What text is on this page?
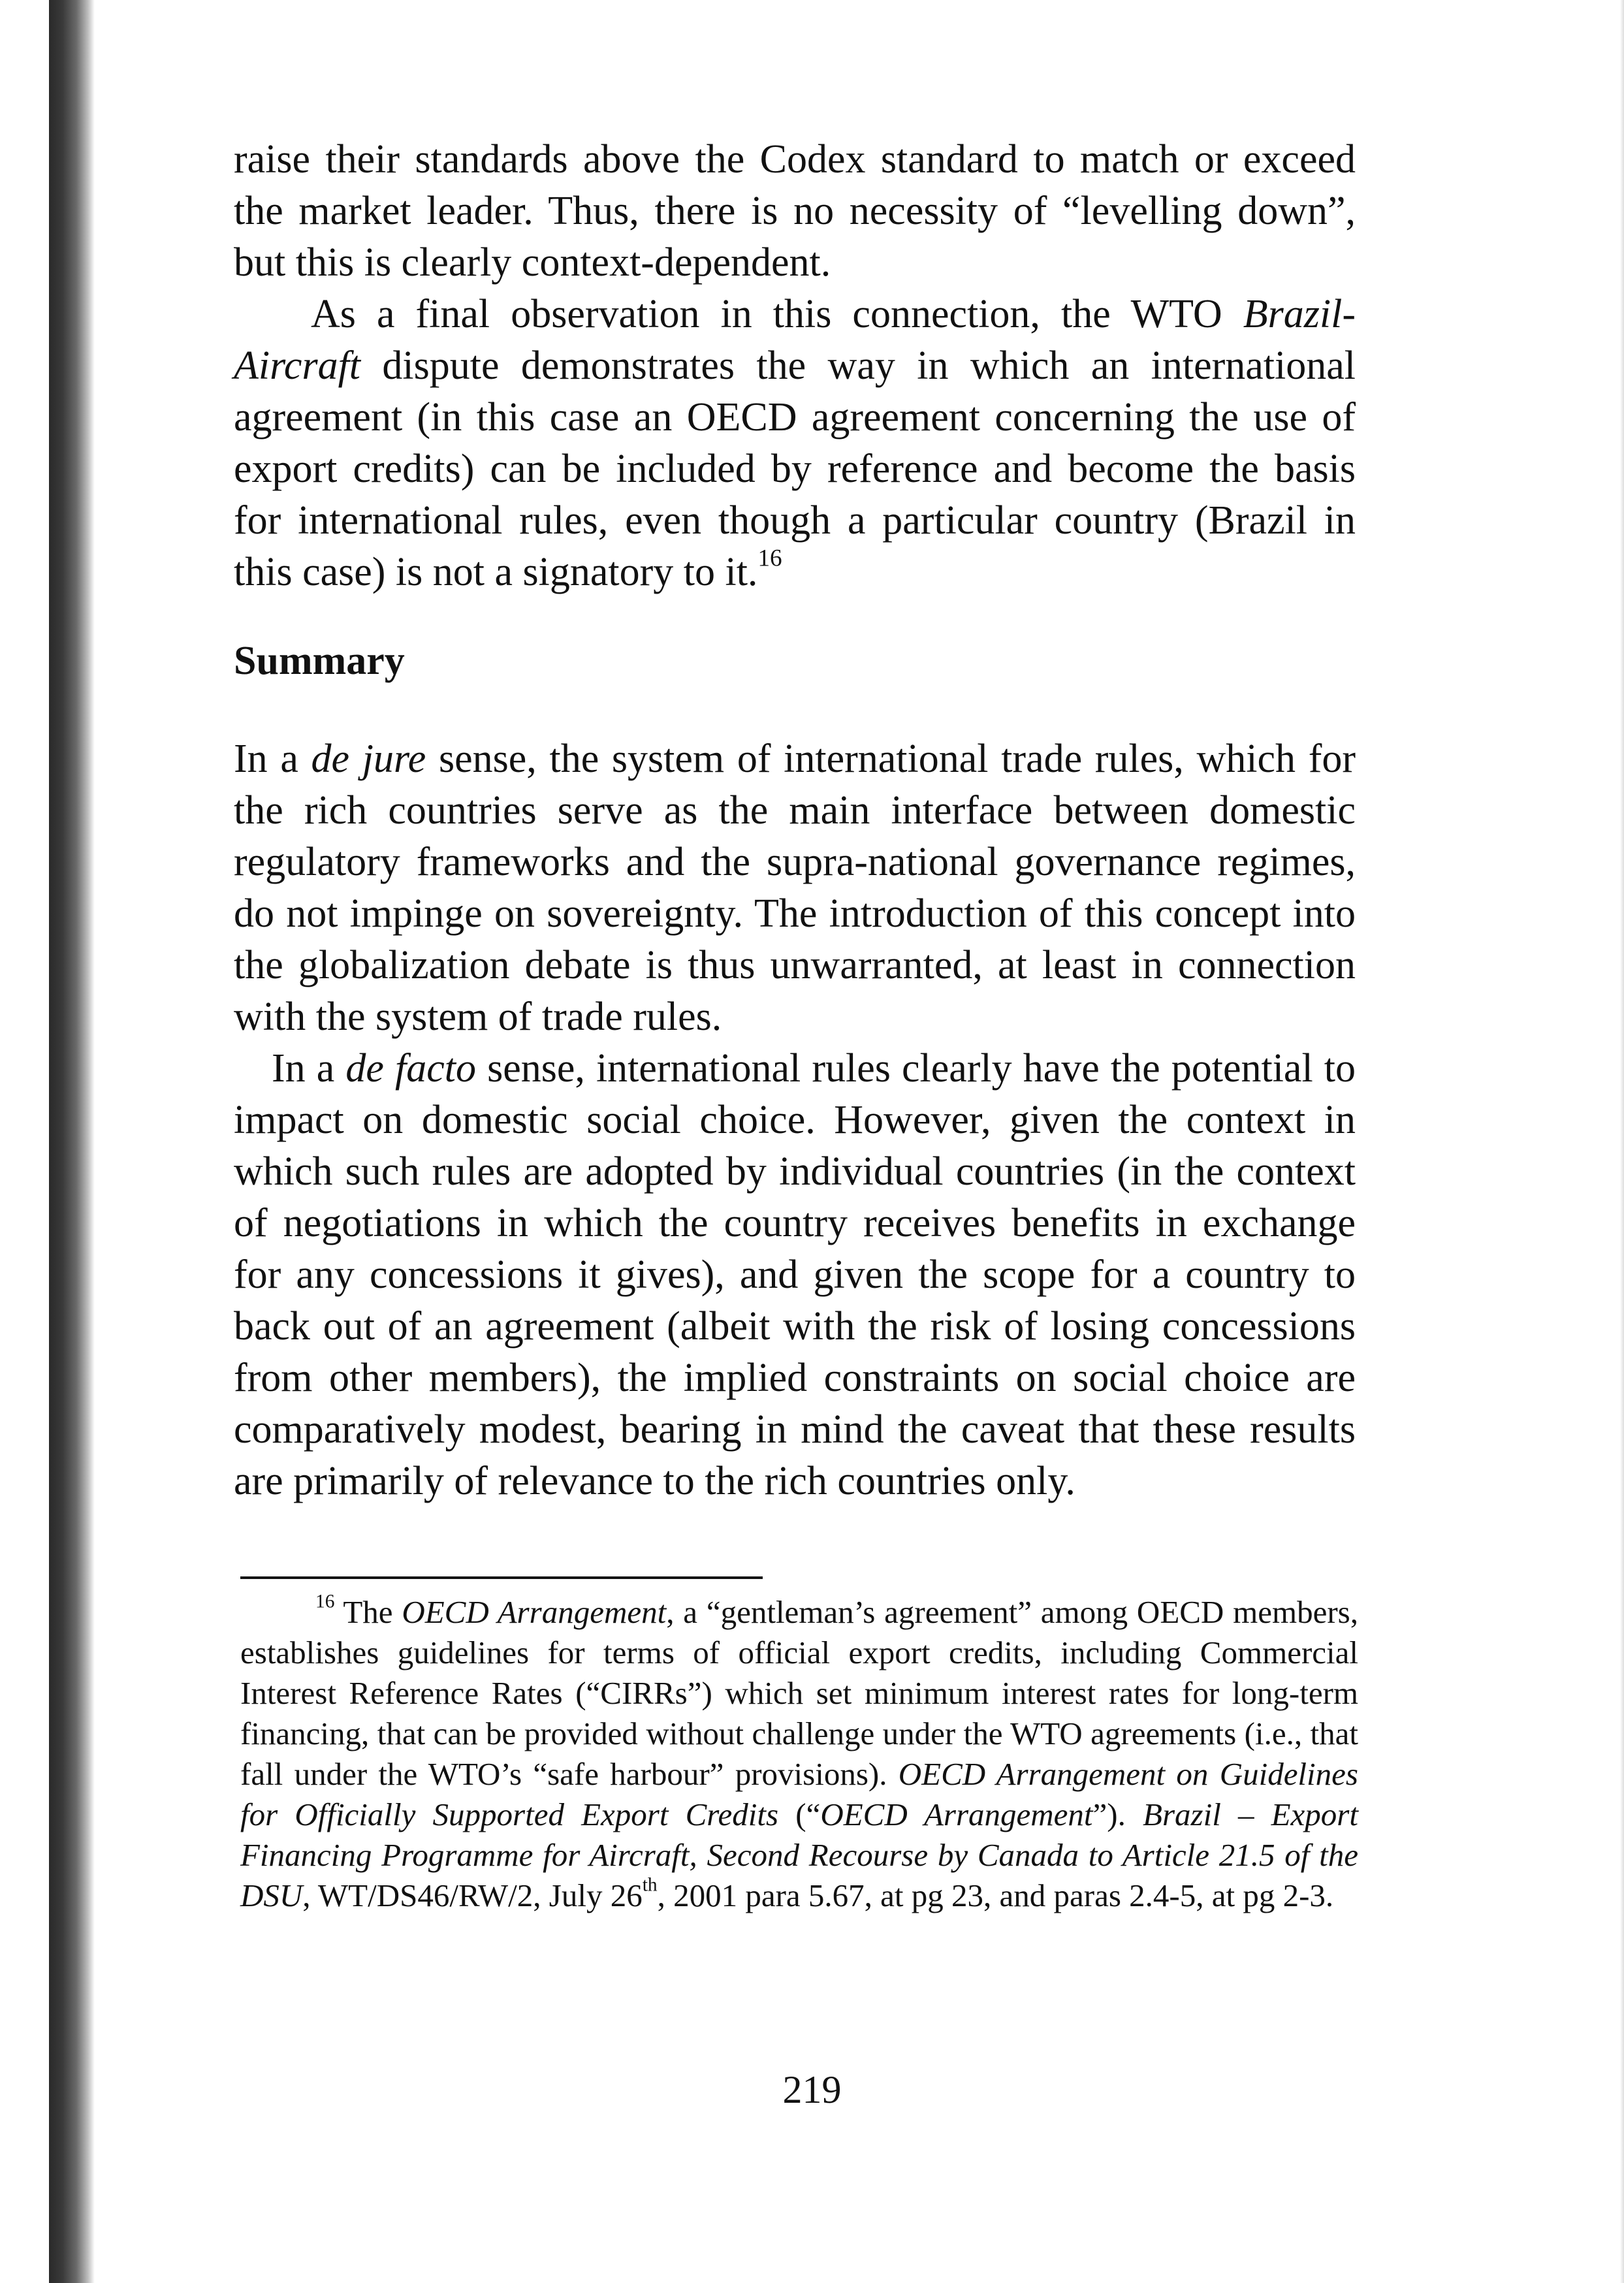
raise their standards above the Codex standard to match or exceed the market leader. Thus, there is no necessity of “levelling down”, but this is clearly context-dependent.

As a final observation in this connection, the WTO Brazil-Aircraft dispute demonstrates the way in which an international agreement (in this case an OECD agreement concerning the use of export credits) can be included by reference and become the basis for international rules, even though a particular country (Brazil in this case) is not a signatory to it.$^{16}$

Summary

In a de jure sense, the system of international trade rules, which for the rich countries serve as the main interface between domestic regulatory frameworks and the supra-national governance regimes, do not impinge on sovereignty. The introduction of this concept into the globalization debate is thus unwarranted, at least in connection with the system of trade rules.

In a de facto sense, international rules clearly have the potential to impact on domestic social choice. However, given the context in which such rules are adopted by individual countries (in the context of negotiations in which the country receives benefits in exchange for any concessions it gives), and given the scope for a country to back out of an agreement (albeit with the risk of losing concessions from other members), the implied constraints on social choice are comparatively modest, bearing in mind the caveat that these results are primarily of relevance to the rich countries only.

$^{16}$ The OECD Arrangement, a “gentleman’s agreement” among OECD members, establishes guidelines for terms of official export credits, including Commercial Interest Reference Rates (“CIRRs”) which set minimum interest rates for long-term financing, that can be provided without challenge under the WTO agreements (i.e., that fall under the WTO’s “safe harbour” provisions). OECD Arrangement on Guidelines for Officially Supported Export Credits (“OECD Arrangement”). Brazil – Export Financing Programme for Aircraft, Second Recourse by Canada to Article 21.5 of the DSU, WT/DS46/RW/2, July 26th, 2001 para 5.67, at pg 23, and paras 2.4-5, at pg 2-3.

219
